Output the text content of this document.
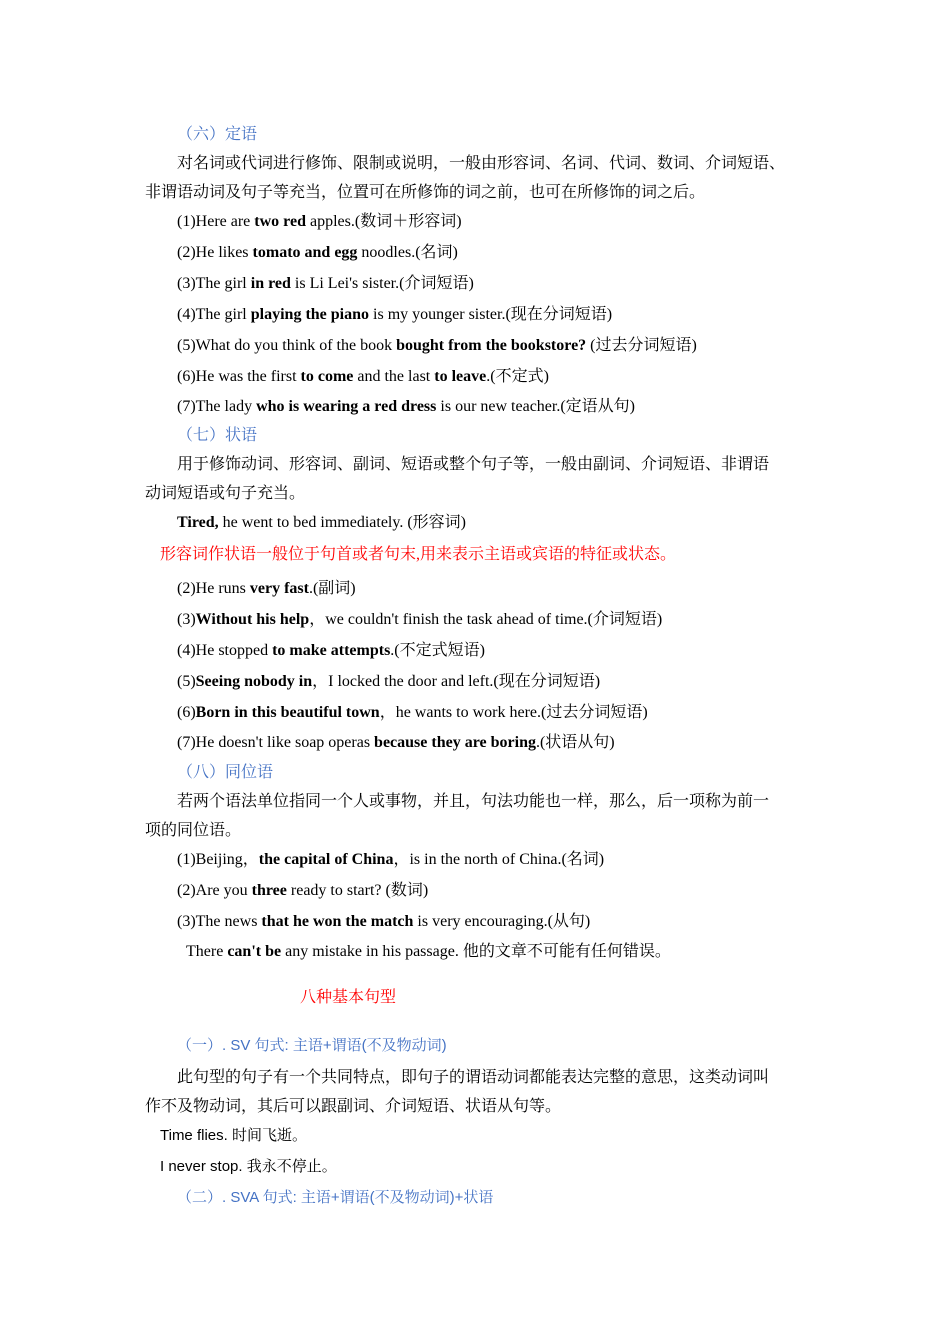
（六）定语
对名词或代词进行修饰、限制或说明，一般由形容词、名词、代词、数词、介词短语、
非谓语动词及句子等充当，位置可在所修饰的词之前，也可在所修饰的词之后。
(1)Here are two red apples.(数词＋形容词)
(2)He likes tomato and egg noodles.(名词)
(3)The girl in red is Li Lei's sister.(介词短语)
(4)The girl playing the piano is my younger sister.(现在分词短语)
(5)What do you think of the book bought from the bookstore? (过去分词短语)
(6)He was the first to come and the last to leave.(不定式)
(7)The lady who is wearing a red dress is our new teacher.(定语从句)
（七）状语
用于修饰动词、形容词、副词、短语或整个句子等，一般由副词、介词短语、非谓语
动词短语或句子充当。
Tired, he went to bed immediately. (形容词)
形容词作状语一般位于句首或者句末,用来表示主语或宾语的特征或状态。
(2)He runs very fast.(副词)
(3)Without his help，we couldn't finish the task ahead of time.(介词短语)
(4)He stopped to make attempts.(不定式短语)
(5)Seeing nobody in，I locked the door and left.(现在分词短语)
(6)Born in this beautiful town，he wants to work here.(过去分词短语)
(7)He doesn't like soap operas because they are boring.(状语从句)
（八）同位语
若两个语法单位指同一个人或事物，并且，句法功能也一样，那么，后一项称为前一
项的同位语。
(1)Beijing，the capital of China，is in the north of China.(名词)
(2)Are you three ready to start? (数词)
(3)The news that he won the match is very encouraging.(从句)
There can't be any mistake in his passage. 他的文章不可能有任何错误。
八种基本句型
（一）. SV 句式: 主语+谓语(不及物动词)
此句型的句子有一个共同特点，即句子的谓语动词都能表达完整的意思，这类动词叫
作不及物动词，其后可以跟副词、介词短语、状语从句等。
Time flies. 时间飞逝。
I never stop. 我永不停止。
（二）. SVA 句式: 主语+谓语(不及物动词)+状语
